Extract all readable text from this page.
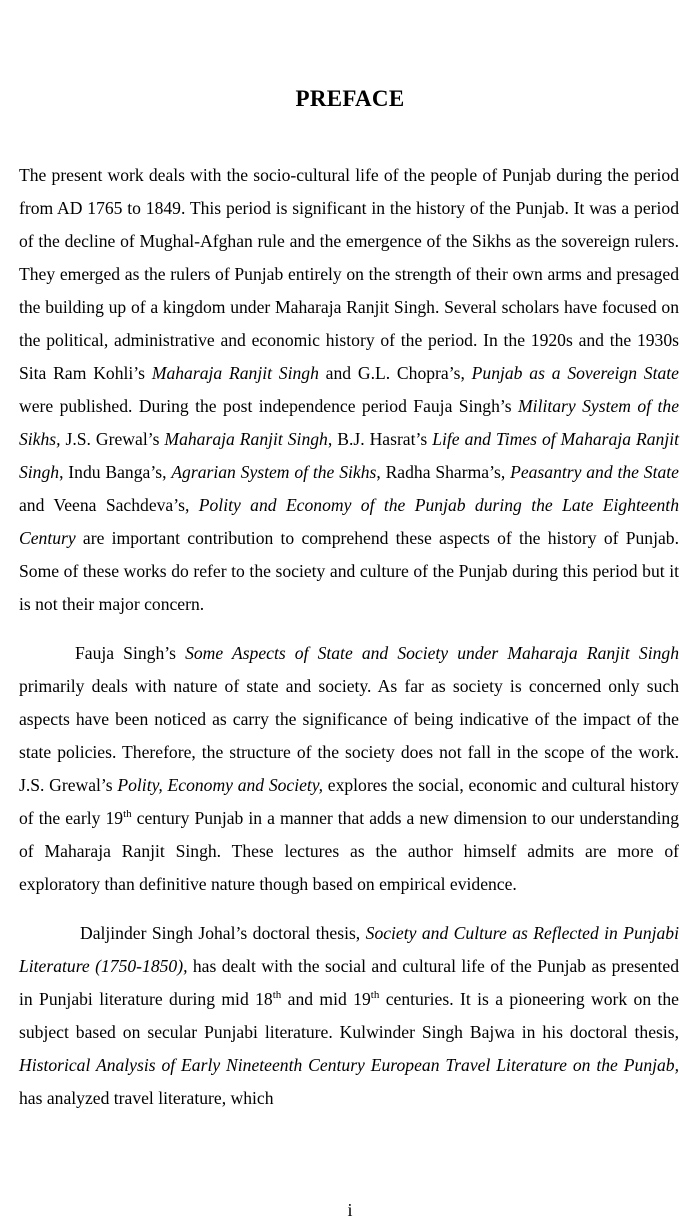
PREFACE

The present work deals with the socio-cultural life of the people of Punjab during the period from AD 1765 to 1849. This period is significant in the history of the Punjab. It was a period of the decline of Mughal-Afghan rule and the emergence of the Sikhs as the sovereign rulers. They emerged as the rulers of Punjab entirely on the strength of their own arms and presaged the building up of a kingdom under Maharaja Ranjit Singh. Several scholars have focused on the political, administrative and economic history of the period. In the 1920s and the 1930s Sita Ram Kohli’s Maharaja Ranjit Singh and G.L. Chopra’s, Punjab as a Sovereign State were published. During the post independence period Fauja Singh’s Military System of the Sikhs, J.S. Grewal’s Maharaja Ranjit Singh, B.J. Hasrat’s Life and Times of Maharaja Ranjit Singh, Indu Banga’s, Agrarian System of the Sikhs, Radha Sharma’s, Peasantry and the State and Veena Sachdeva’s, Polity and Economy of the Punjab during the Late Eighteenth Century are important contribution to comprehend these aspects of the history of Punjab. Some of these works do refer to the society and culture of the Punjab during this period but it is not their major concern.

Fauja Singh’s Some Aspects of State and Society under Maharaja Ranjit Singh primarily deals with nature of state and society. As far as society is concerned only such aspects have been noticed as carry the significance of being indicative of the impact of the state policies. Therefore, the structure of the society does not fall in the scope of the work. J.S. Grewal’s Polity, Economy and Society, explores the social, economic and cultural history of the early 19th century Punjab in a manner that adds a new dimension to our understanding of Maharaja Ranjit Singh. These lectures as the author himself admits are more of exploratory than definitive nature though based on empirical evidence.

Daljinder Singh Johal’s doctoral thesis, Society and Culture as Reflected in Punjabi Literature (1750-1850), has dealt with the social and cultural life of the Punjab as presented in Punjabi literature during mid 18th and mid 19th centuries. It is a pioneering work on the subject based on secular Punjabi literature. Kulwinder Singh Bajwa in his doctoral thesis, Historical Analysis of Early Nineteenth Century European Travel Literature on the Punjab, has analyzed travel literature, which

i
